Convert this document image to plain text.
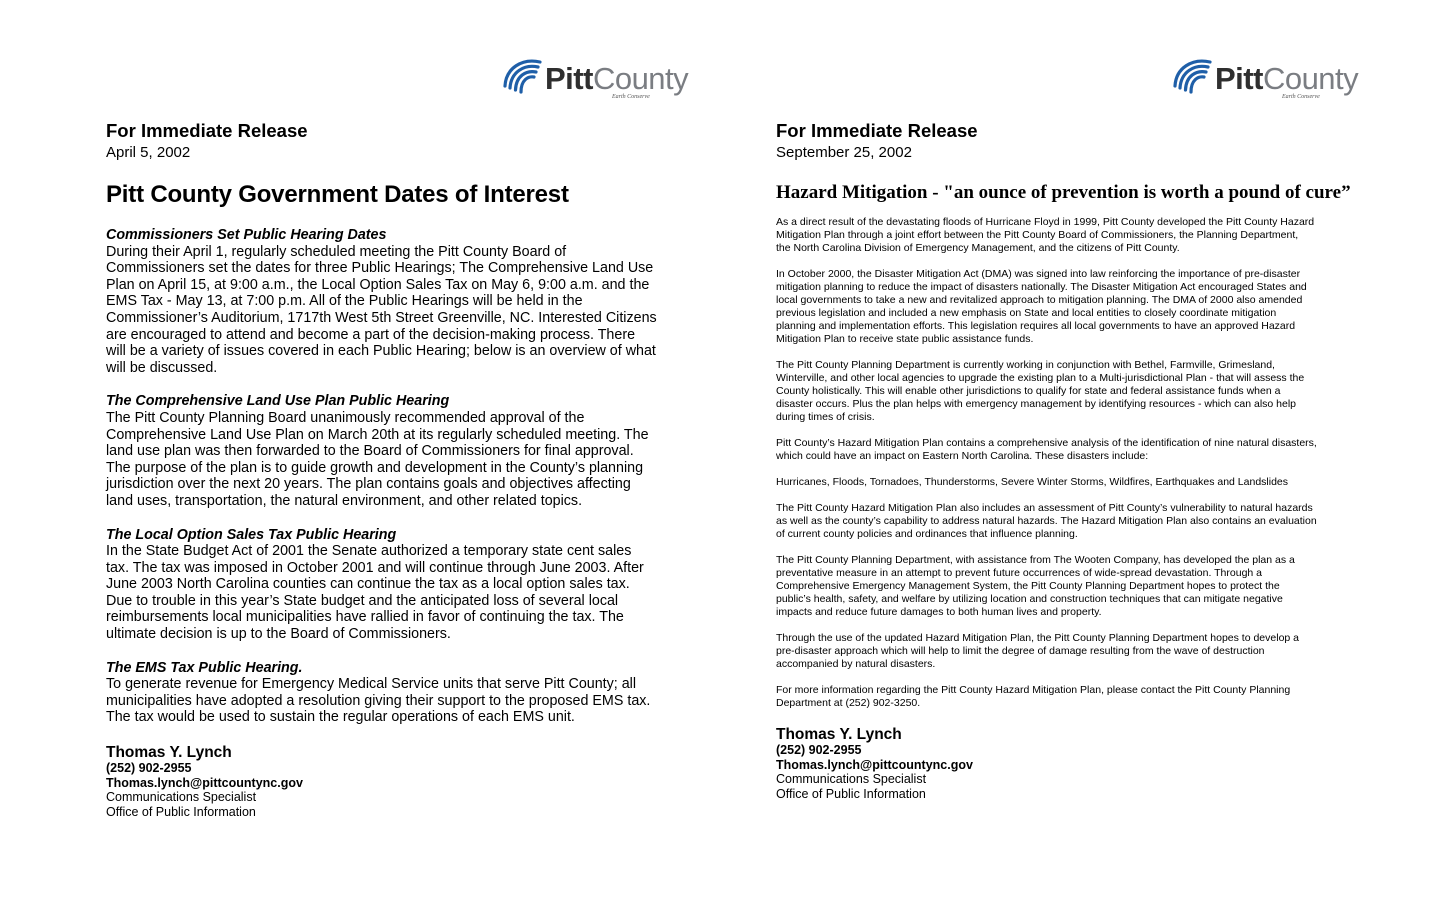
PittCounty
Earth Conserve
For Immediate Release
April 5, 2002
Pitt County Government Dates of Interest
Commissioners Set Public Hearing Dates
During their April 1, regularly scheduled meeting the Pitt County Board of
Commissioners set the dates for three Public Hearings; The Comprehensive Land Use
Plan on April 15, at 9:00 a.m., the Local Option Sales Tax on May 6, 9:00 a.m. and the
EMS Tax - May 13, at 7:00 p.m. All of the Public Hearings will be held in the
Commissioner’s Auditorium, 1717th West 5th Street Greenville, NC. Interested Citizens
are encouraged to attend and become a part of the decision-making process. There
will be a variety of issues covered in each Public Hearing; below is an overview of what
will be discussed.
The Comprehensive Land Use Plan Public Hearing
The Pitt County Planning Board unanimously recommended approval of the
Comprehensive Land Use Plan on March 20th at its regularly scheduled meeting. The
land use plan was then forwarded to the Board of Commissioners for final approval.
The purpose of the plan is to guide growth and development in the County’s planning
jurisdiction over the next 20 years. The plan contains goals and objectives affecting
land uses, transportation, the natural environment, and other related topics.
The Local Option Sales Tax Public Hearing
In the State Budget Act of 2001 the Senate authorized a temporary state cent sales
tax. The tax was imposed in October 2001 and will continue through June 2003. After
June 2003 North Carolina counties can continue the tax as a local option sales tax.
Due to trouble in this year’s State budget and the anticipated loss of several local
reimbursements local municipalities have rallied in favor of continuing the tax. The
ultimate decision is up to the Board of Commissioners.
The EMS Tax Public Hearing.
To generate revenue for Emergency Medical Service units that serve Pitt County; all
municipalities have adopted a resolution giving their support to the proposed EMS tax.
The tax would be used to sustain the regular operations of each EMS unit.
Thomas Y. Lynch
(252) 902-2955
Thomas.lynch@pittcountync.gov
Communications Specialist
Office of Public Information
PittCounty
Earth Conserve
For Immediate Release
September 25, 2002
Hazard Mitigation - "an ounce of prevention is worth a pound of cure”
As a direct result of the devastating floods of Hurricane Floyd in 1999, Pitt County developed the Pitt County Hazard
Mitigation Plan through a joint effort between the Pitt County Board of Commissioners, the Planning Department,
the North Carolina Division of Emergency Management, and the citizens of Pitt County.
In October 2000, the Disaster Mitigation Act (DMA) was signed into law reinforcing the importance of pre-disaster
mitigation planning to reduce the impact of disasters nationally. The Disaster Mitigation Act encouraged States and
local governments to take a new and revitalized approach to mitigation planning. The DMA of 2000 also amended
previous legislation and included a new emphasis on State and local entities to closely coordinate mitigation
planning and implementation efforts. This legislation requires all local governments to have an approved Hazard
Mitigation Plan to receive state public assistance funds.
The Pitt County Planning Department is currently working in conjunction with Bethel, Farmville, Grimesland,
Winterville, and other local agencies to upgrade the existing plan to a Multi-jurisdictional Plan - that will assess the
County holistically. This will enable other jurisdictions to qualify for state and federal assistance funds when a
disaster occurs. Plus the plan helps with emergency management by identifying resources - which can also help
during times of crisis.
Pitt County’s Hazard Mitigation Plan contains a comprehensive analysis of the identification of nine natural disasters,
which could have an impact on Eastern North Carolina. These disasters include:
Hurricanes, Floods, Tornadoes, Thunderstorms, Severe Winter Storms, Wildfires, Earthquakes and Landslides
The Pitt County Hazard Mitigation Plan also includes an assessment of Pitt County’s vulnerability to natural hazards
as well as the county’s capability to address natural hazards. The Hazard Mitigation Plan also contains an evaluation
of current county policies and ordinances that influence planning.
The Pitt County Planning Department, with assistance from The Wooten Company, has developed the plan as a
preventative measure in an attempt to prevent future occurrences of wide-spread devastation. Through a
Comprehensive Emergency Management System, the Pitt County Planning Department hopes to protect the
public’s health, safety, and welfare by utilizing location and construction techniques that can mitigate negative
impacts and reduce future damages to both human lives and property.
Through the use of the updated Hazard Mitigation Plan, the Pitt County Planning Department hopes to develop a
pre-disaster approach which will help to limit the degree of damage resulting from the wave of destruction
accompanied by natural disasters.
For more information regarding the Pitt County Hazard Mitigation Plan, please contact the Pitt County Planning
Department at (252) 902-3250.
Thomas Y. Lynch
(252) 902-2955
Thomas.lynch@pittcountync.gov
Communications Specialist
Office of Public Information
